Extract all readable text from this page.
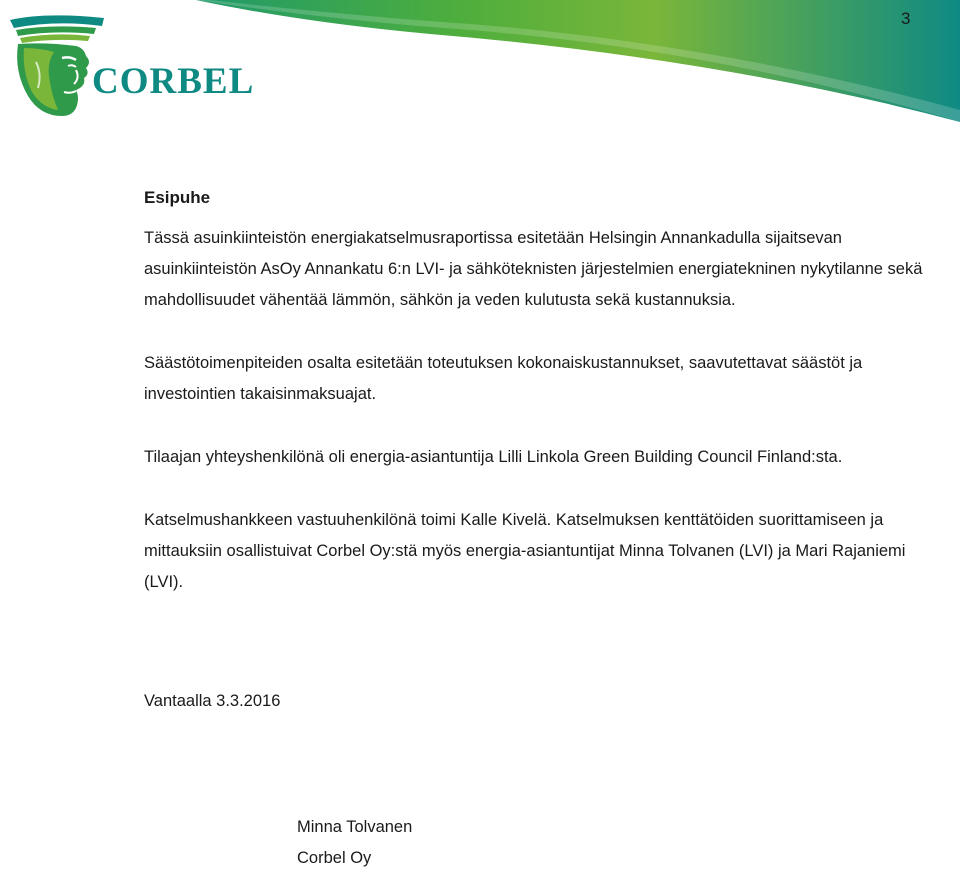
CORBEL
3
Esipuhe

Tässä asuinkiinteistön energiakatselmusraportissa esitetään Helsingin Annankadulla sijaitsevan asuinkiinteistön AsOy Annankatu 6:n LVI- ja sähköteknisten järjestelmien energiatekninen nykytilanne sekä mahdollisuudet vähentää lämmön, sähkön ja veden kulutusta sekä kustannuksia.

Säästötoimenpiteiden osalta esitetään toteutuksen kokonaiskustannukset, saavutettavat säästöt ja investointien takaisinmaksuajat.

Tilaajan yhteyshenkilönä oli energia-asiantuntija Lilli Linkola Green Building Council Finland:sta.

Katselmushankkeen vastuuhenkilönä toimi Kalle Kivelä. Katselmuksen kenttätöiden suorittamiseen ja mittauksiin osallistuivat Corbel Oy:stä myös energia-asiantuntijat Minna Tolvanen (LVI) ja Mari Rajaniemi (LVI).

Vantaalla 3.3.2016
Minna Tolvanen
Corbel Oy
